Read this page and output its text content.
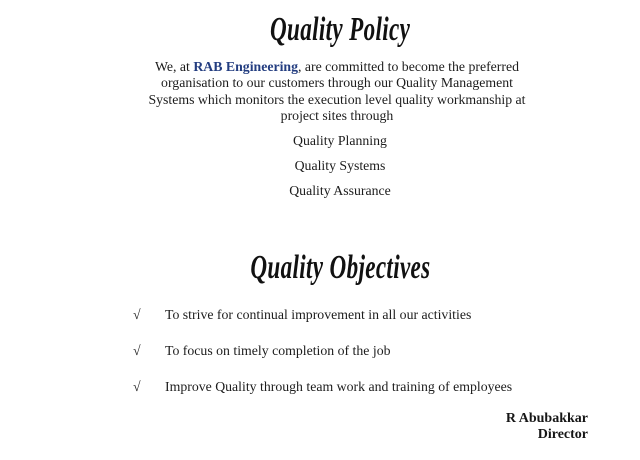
Quality Policy
We, at RAB Engineering, are committed to become the preferred
organisation to our customers through our Quality Management
Systems which monitors the execution level quality workmanship at
project sites through
Quality Planning
Quality Systems
Quality Assurance
Quality Objectives
√	To strive for continual improvement in all our activities
√	To focus on timely completion of the job
√	Improve Quality through team work and training of employees
R Abubakkar
Director
